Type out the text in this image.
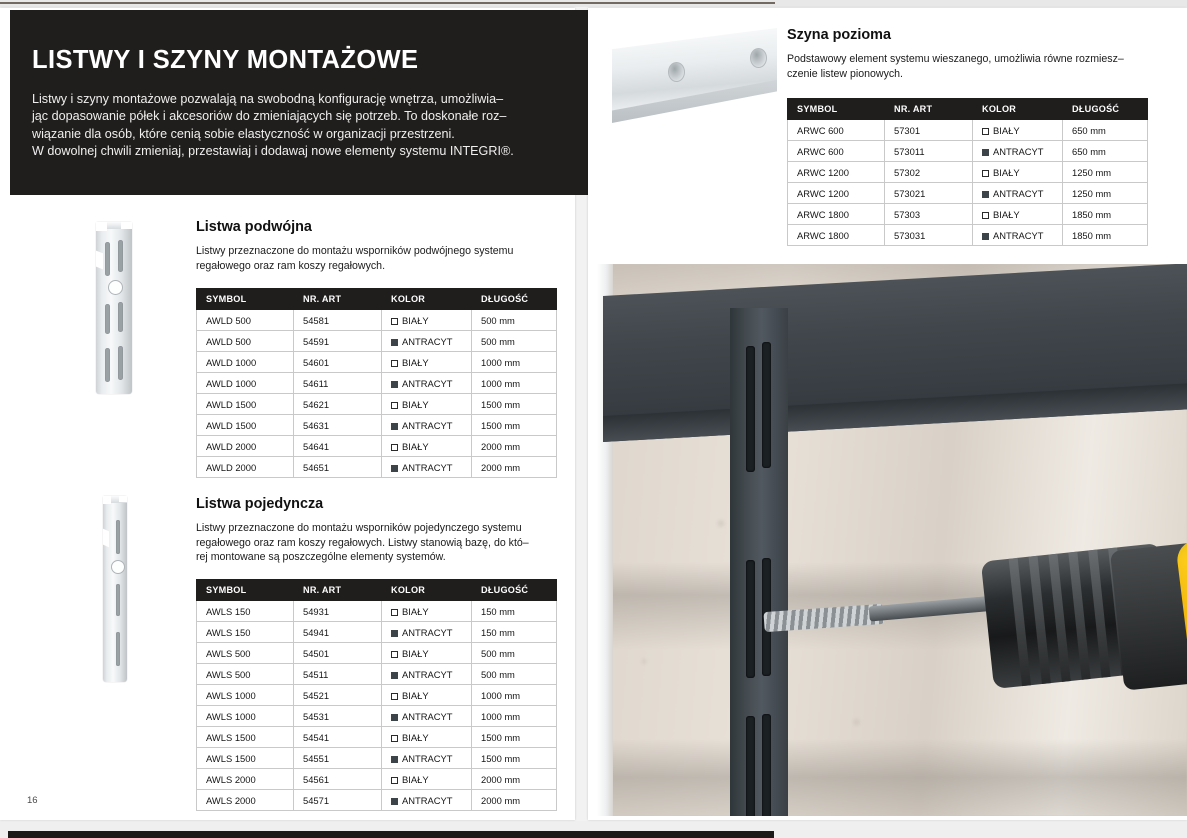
LISTWY I SZYNY MONTAŻOWE

Listwy i szyny montażowe pozwalają na swobodną konfigurację wnętrza, umożliwia–
jąc dopasowanie półek i akcesoriów do zmieniających się potrzeb. To doskonałe roz–
wiązanie dla osób, które cenią sobie elastyczność w organizacji przestrzeni.
W dowolnej chwili zmieniaj, przestawiaj i dodawaj nowe elementy systemu INTEGRI®.

Listwa podwójna

Listwy przeznaczone do montażu wsporników podwójnego systemu
regałowego oraz ram koszy regałowych.

SYMBOL	NR. ART	KOLOR	DŁUGOŚĆ
AWLD 500	54581	BIAŁY	500 mm
AWLD 500	54591	ANTRACYT	500 mm
AWLD 1000	54601	BIAŁY	1000 mm
AWLD 1000	54611	ANTRACYT	1000 mm
AWLD 1500	54621	BIAŁY	1500 mm
AWLD 1500	54631	ANTRACYT	1500 mm
AWLD 2000	54641	BIAŁY	2000 mm
AWLD 2000	54651	ANTRACYT	2000 mm
Listwa pojedyncza

Listwy przeznaczone do montażu wsporników pojedynczego systemu
regałowego oraz ram koszy regałowych. Listwy stanowią bazę, do któ–
rej montowane są poszczególne elementy systemów.

SYMBOL	NR. ART	KOLOR	DŁUGOŚĆ
AWLS 150	54931	BIAŁY	150 mm
AWLS 150	54941	ANTRACYT	150 mm
AWLS 500	54501	BIAŁY	500 mm
AWLS 500	54511	ANTRACYT	500 mm
AWLS 1000	54521	BIAŁY	1000 mm
AWLS 1000	54531	ANTRACYT	1000 mm
AWLS 1500	54541	BIAŁY	1500 mm
AWLS 1500	54551	ANTRACYT	1500 mm
AWLS 2000	54561	BIAŁY	2000 mm
AWLS 2000	54571	ANTRACYT	2000 mm
16
Szyna pozioma

Podstawowy element systemu wieszanego, umożliwia równe rozmiesz–
czenie listew pionowych.

SYMBOL	NR. ART	KOLOR	DŁUGOŚĆ
ARWC 600	57301	BIAŁY	650 mm
ARWC 600	573011	ANTRACYT	650 mm
ARWC 1200	57302	BIAŁY	1250 mm
ARWC 1200	573021	ANTRACYT	1250 mm
ARWC 1800	57303	BIAŁY	1850 mm
ARWC 1800	573031	ANTRACYT	1850 mm
